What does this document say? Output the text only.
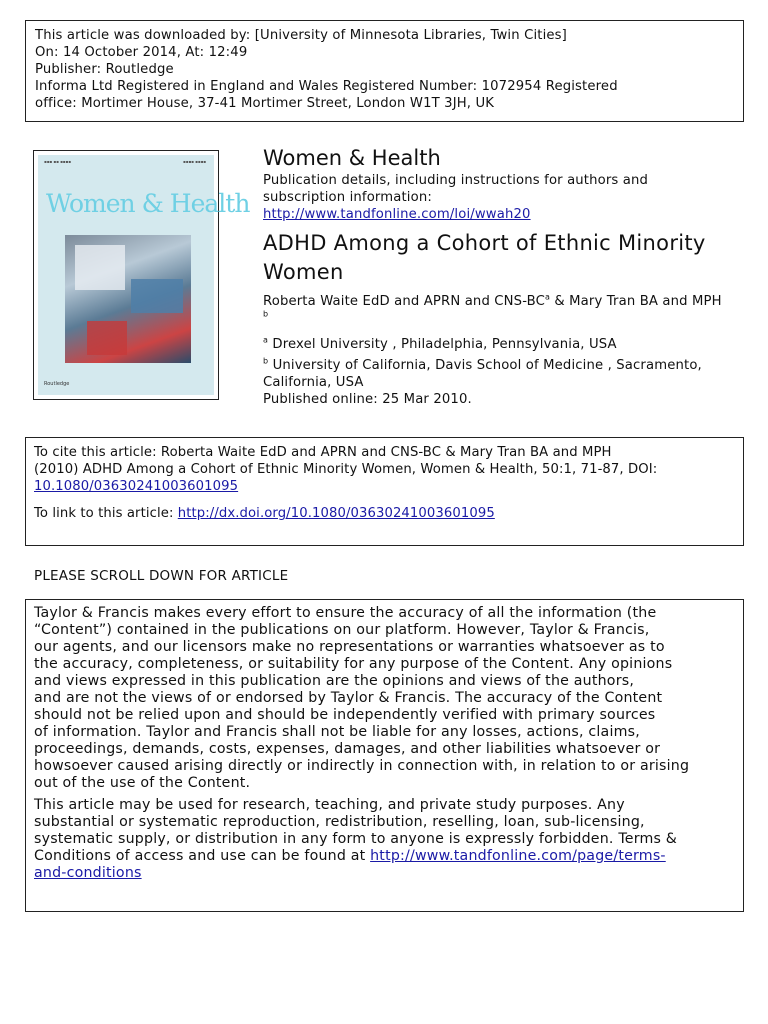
This article was downloaded by: [University of Minnesota Libraries, Twin Cities]
On: 14 October 2014, At: 12:49
Publisher: Routledge
Informa Ltd Registered in England and Wales Registered Number: 1072954 Registered
office: Mortimer House, 37-41 Mortimer Street, London W1T 3JH, UK
▪▪▪ ▪▪ ▪▪▪▪	▪▪▪▪ ▪▪▪▪
Women & Health
Routledge
Women & Health
Publication details, including instructions for authors and
subscription information:
http://www.tandfonline.com/loi/wwah20
ADHD Among a Cohort of Ethnic Minority
Women
Roberta Waite EdD and APRN and CNS-$BC^a$ & Mary Tran BA and MPH
$^b$
$^a$ Drexel University , Philadelphia, Pennsylvania, USA
$^b$ University of California, Davis School of Medicine , Sacramento,
California, USA
Published online: 25 Mar 2010.
To cite this article: Roberta Waite EdD and APRN and CNS-BC & Mary Tran BA and MPH
(2010) ADHD Among a Cohort of Ethnic Minority Women, Women & Health, 50:1, 71-87, DOI:
10.1080/03630241003601095
To link to this article: http://dx.doi.org/10.1080/03630241003601095
PLEASE SCROLL DOWN FOR ARTICLE

Taylor & Francis makes every effort to ensure the accuracy of all the information (the
“Content”) contained in the publications on our platform. However, Taylor & Francis,
our agents, and our licensors make no representations or warranties whatsoever as to
the accuracy, completeness, or suitability for any purpose of the Content. Any opinions
and views expressed in this publication are the opinions and views of the authors,
and are not the views of or endorsed by Taylor & Francis. The accuracy of the Content
should not be relied upon and should be independently verified with primary sources
of information. Taylor and Francis shall not be liable for any losses, actions, claims,
proceedings, demands, costs, expenses, damages, and other liabilities whatsoever or
howsoever caused arising directly or indirectly in connection with, in relation to or arising
out of the use of the Content.

This article may be used for research, teaching, and private study purposes. Any
substantial or systematic reproduction, redistribution, reselling, loan, sub-licensing,
systematic supply, or distribution in any form to anyone is expressly forbidden. Terms &
Conditions of access and use can be found at http://www.tandfonline.com/page/terms-
and-conditions
